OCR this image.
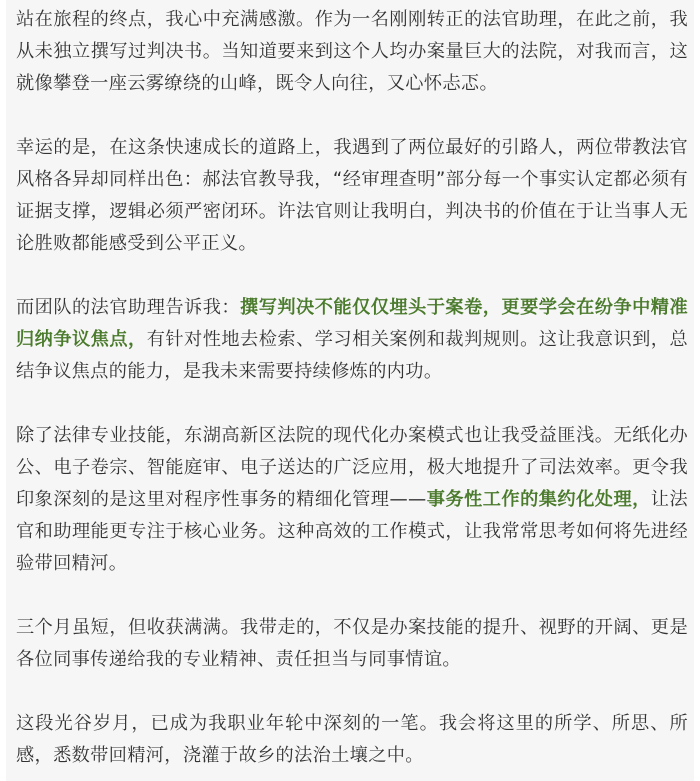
站在旅程的终点，我心中充满感激。作为一名刚刚转正的法官助理，在此之前，我从未独立撰写过判决书。当知道要来到这个人均办案量巨大的法院，对我而言，这就像攀登一座云雾缭绕的山峰，既令人向往，又心怀忐忑。

幸运的是，在这条快速成长的道路上，我遇到了两位最好的引路人，两位带教法官风格各异却同样出色：郝法官教导我，“经审理查明”部分每一个事实认定都必须有证据支撑，逻辑必须严密闭环。许法官则让我明白，判决书的价值在于让当事人无论胜败都能感受到公平正义。

而团队的法官助理告诉我：撰写判决不能仅仅埋头于案卷，更要学会在纷争中精准归纳争议焦点，有针对性地去检索、学习相关案例和裁判规则。这让我意识到，总结争议焦点的能力，是我未来需要持续修炼的内功。

除了法律专业技能，东湖高新区法院的现代化办案模式也让我受益匪浅。无纸化办公、电子卷宗、智能庭审、电子送达的广泛应用，极大地提升了司法效率。更令我印象深刻的是这里对程序性事务的精细化管理——事务性工作的集约化处理，让法官和助理能更专注于核心业务。这种高效的工作模式，让我常常思考如何将先进经验带回精河。

三个月虽短，但收获满满。我带走的，不仅是办案技能的提升、视野的开阔、更是各位同事传递给我的专业精神、责任担当与同事情谊。

这段光谷岁月，已成为我职业年轮中深刻的一笔。我会将这里的所学、所思、所感，悉数带回精河，浇灌于故乡的法治土壤之中。
